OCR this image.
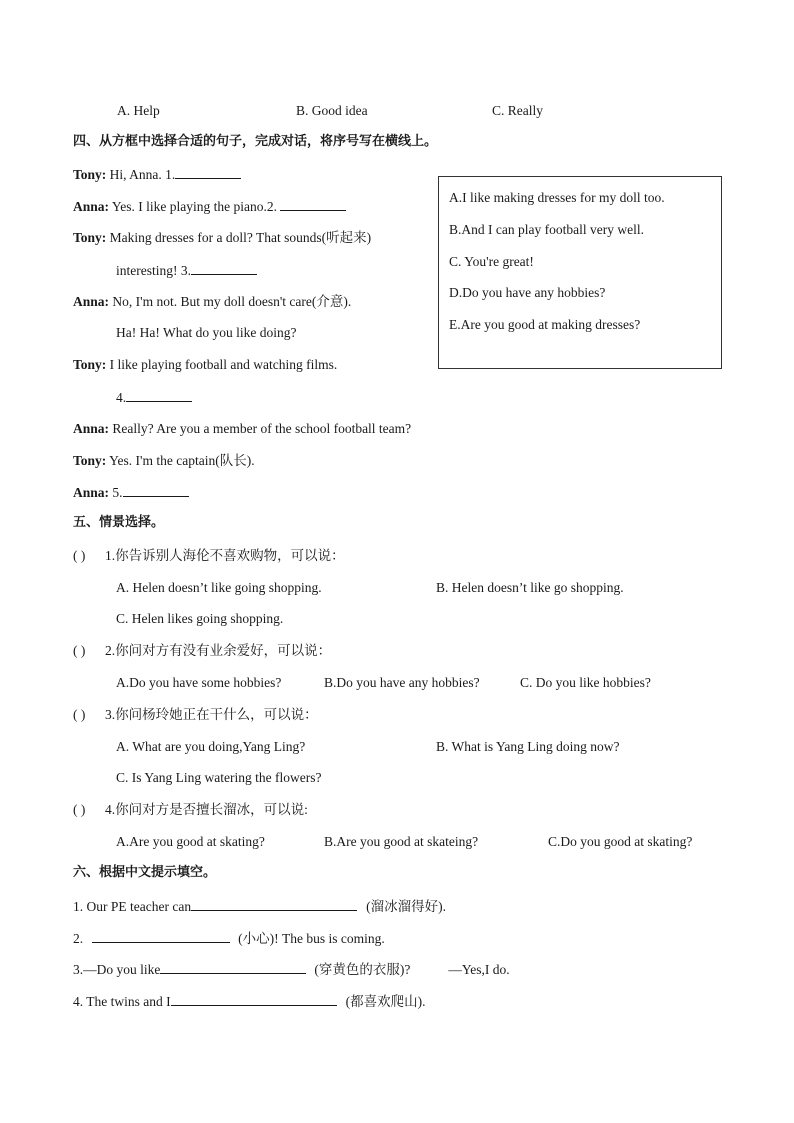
A. Help	B. Good idea	C. Really
四、从方框中选择合适的句子，完成对话，将序号写在横线上。
Tony: Hi, Anna. 1.
Anna: Yes. I like playing the piano.2.
Tony: Making dresses for a doll? That sounds(听起来)
interesting! 3.
Anna: No, I'm not. But my doll doesn't care(介意).
Ha! Ha! What do you like doing?
Tony: I like playing football and watching films.
4.
Anna: Really? Are you a member of the school football team?
Tony: Yes. I'm the captain(队长).
Anna: 5.
A.I like making dresses for my doll too.
B.And I can play football very well.
C. You're great!
D.Do you have any hobbies?
E.Are you good at making dresses?
五、情景选择。
( ) 1.你告诉别人海伦不喜欢购物，可以说：
A. Helen doesn’t like going shopping.	B. Helen doesn’t like go shopping.
C. Helen likes going shopping.
( ) 2.你问对方有没有业余爱好，可以说：
A.Do you have some hobbies?	B.Do you have any hobbies?	C. Do you like hobbies?
( ) 3.你问杨玲她正在干什么，可以说：
A. What are you doing,Yang Ling?	B. What is Yang Ling doing now?
C. Is Yang Ling watering the flowers?
( ) 4.你问对方是否擅长溜冰，可以说:
A.Are you good at skating?	B.Are you good at skateing?	C.Do you good at skating?
六、根据中文提示填空。
1. Our PE teacher can	(溜冰溜得好).
2.	(小心)! The bus is coming.
3.—Do you like	(穿黄色的衣服)?	—Yes,I do.
4. The twins and I	(都喜欢爬山).
